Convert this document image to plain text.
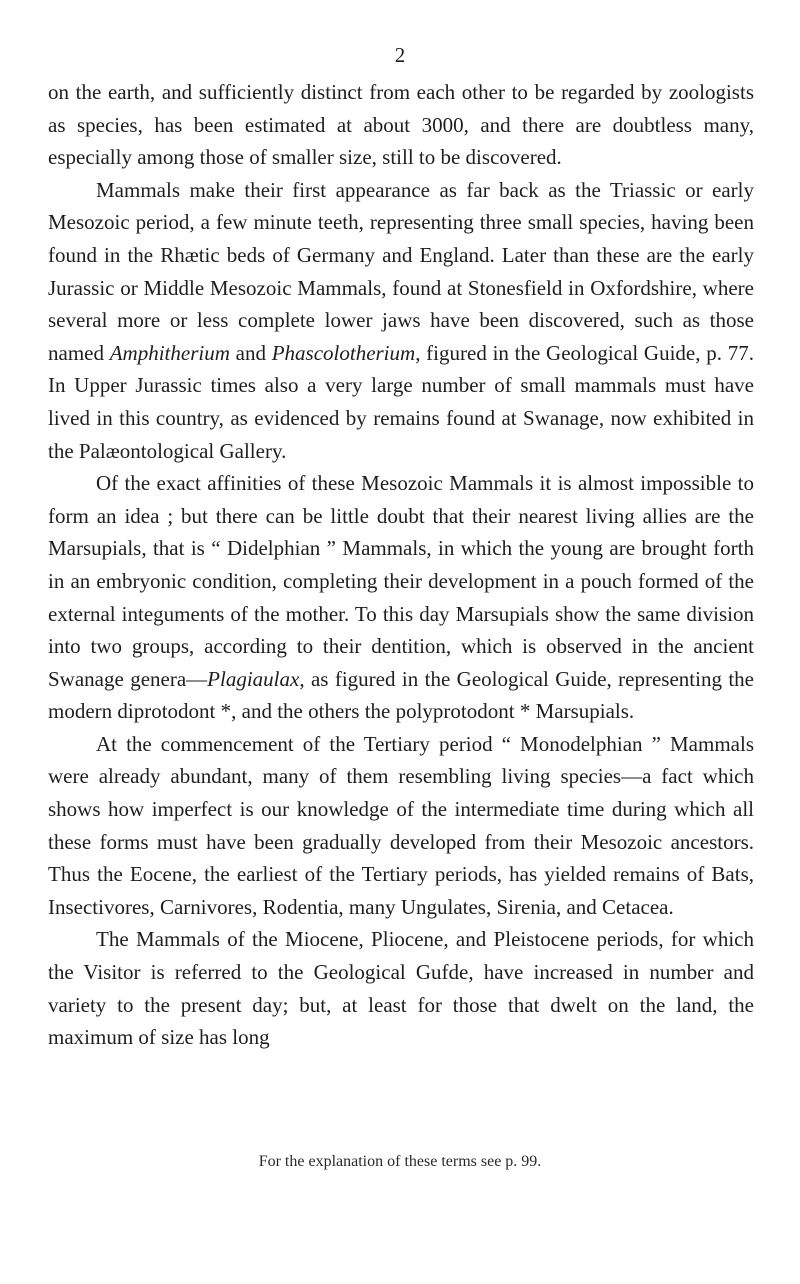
2

on the earth, and sufficiently distinct from each other to be regarded by zoologists as species, has been estimated at about 3000, and there are doubtless many, especially among those of smaller size, still to be discovered.

Mammals make their first appearance as far back as the Triassic or early Mesozoic period, a few minute teeth, representing three small species, having been found in the Rhætic beds of Germany and England. Later than these are the early Jurassic or Middle Mesozoic Mammals, found at Stonesfield in Oxfordshire, where several more or less complete lower jaws have been discovered, such as those named Amphitherium and Phascolotherium, figured in the Geological Guide, p. 77. In Upper Jurassic times also a very large number of small mammals must have lived in this country, as evidenced by remains found at Swanage, now exhibited in the Palæontological Gallery.

Of the exact affinities of these Mesozoic Mammals it is almost impossible to form an idea ; but there can be little doubt that their nearest living allies are the Marsupials, that is “ Didelphian ” Mammals, in which the young are brought forth in an embryonic condition, completing their development in a pouch formed of the external integuments of the mother. To this day Marsupials show the same division into two groups, according to their dentition, which is observed in the ancient Swanage genera—Plagiaulax, as figured in the Geological Guide, representing the modern diprotodont *, and the others the polyprotodont * Marsupials.

At the commencement of the Tertiary period “ Monodelphian ” Mammals were already abundant, many of them resembling living species—a fact which shows how imperfect is our knowledge of the intermediate time during which all these forms must have been gradually developed from their Mesozoic ancestors. Thus the Eocene, the earliest of the Tertiary periods, has yielded remains of Bats, Insectivores, Carnivores, Rodentia, many Ungulates, Sirenia, and Cetacea.

The Mammals of the Miocene, Pliocene, and Pleistocene periods, for which the Visitor is referred to the Geological Gufde, have increased in number and variety to the present day; but, at least for those that dwelt on the land, the maximum of size has long

For the explanation of these terms see p. 99.
